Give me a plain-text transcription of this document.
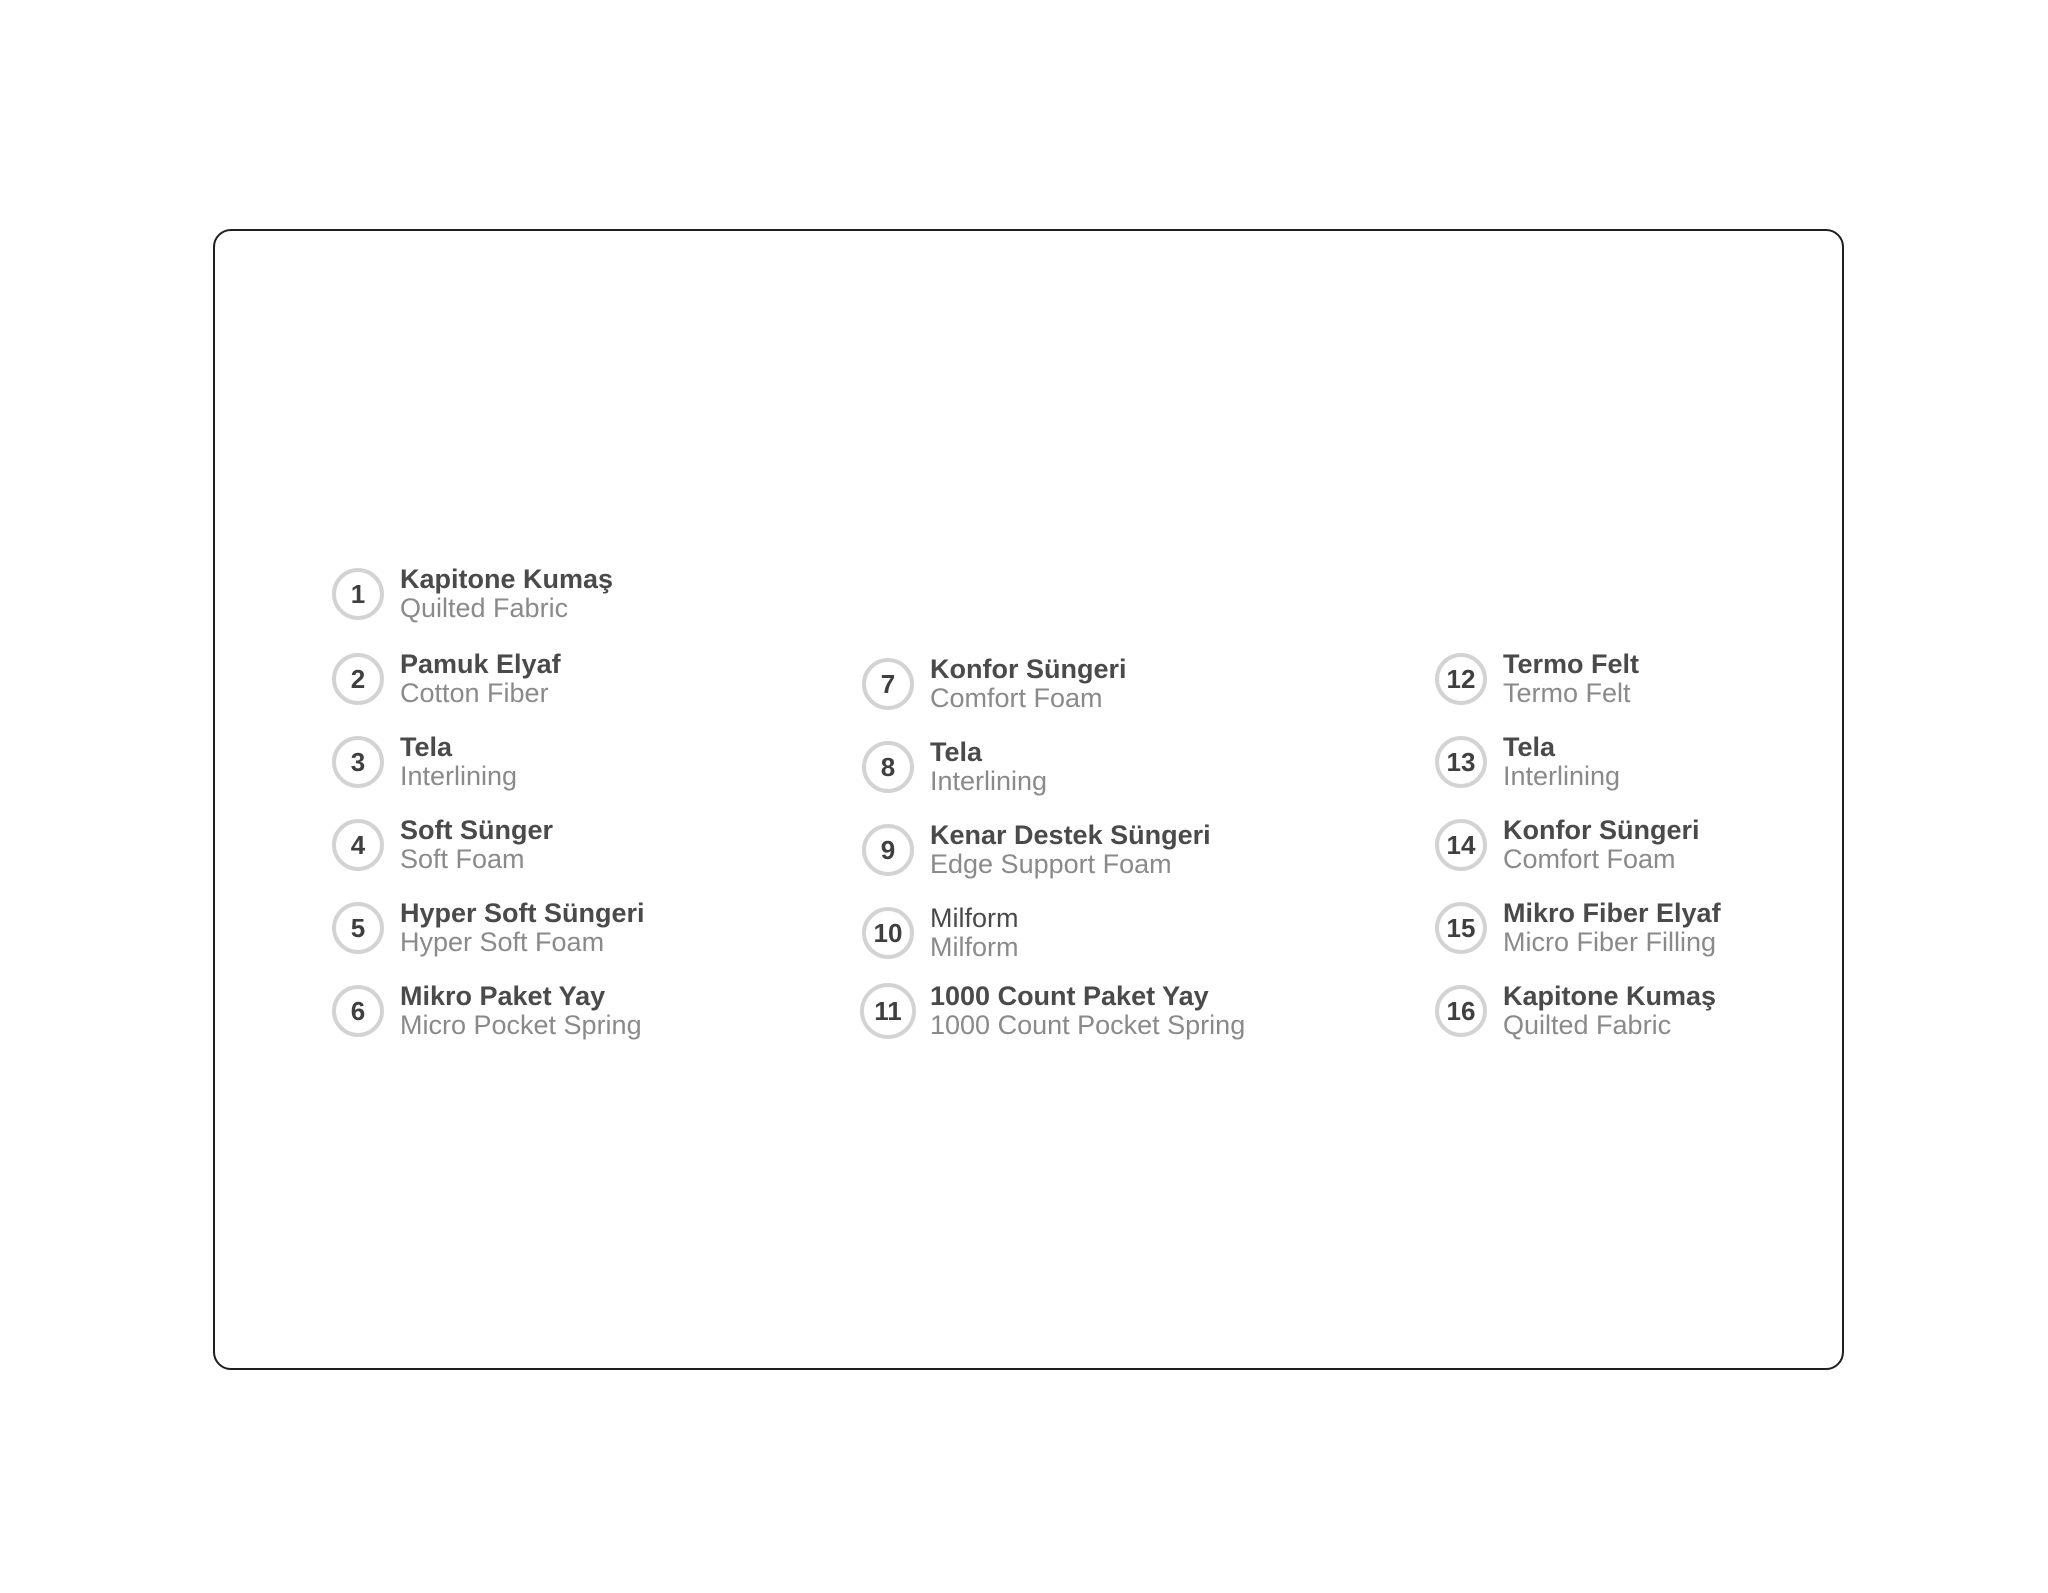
1	Kapitone Kumaş
Quilted Fabric
2	Pamuk Elyaf
Cotton Fiber
3	Tela
Interlining
4	Soft Sünger
Soft Foam
5	Hyper Soft Süngeri
Hyper Soft Foam
6	Mikro Paket Yay
Micro Pocket Spring
7	Konfor Süngeri
Comfort Foam
8	Tela
Interlining
9	Kenar Destek Süngeri
Edge Support Foam
10	Milform
Milform
11	1000 Count Paket Yay
1000 Count Pocket Spring
12	Termo Felt
Termo Felt
13	Tela
Interlining
14	Konfor Süngeri
Comfort Foam
15	Mikro Fiber Elyaf
Micro Fiber Filling
16	Kapitone Kumaş
Quilted Fabric
